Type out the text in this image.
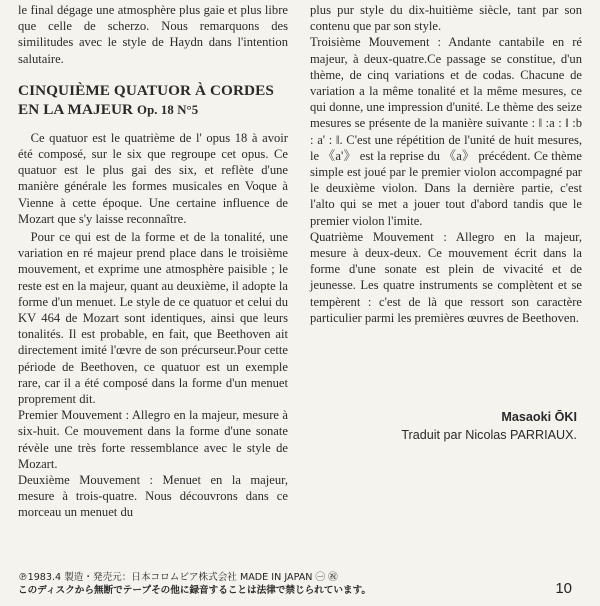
le final dégage une atmosphère plus gaie et plus libre que celle de scherzo. Nous remarquons des similitudes avec le style de Haydn dans l'intention salutaire.

CINQUIÈME QUATUOR À CORDES EN LA MAJEUR Op. 18 N°5

Ce quatuor est le quatrième de l' opus 18 à avoir été composé, sur le six que regroupe cet opus. Ce quatuor est le plus gai des six, et reflète d'une manière générale les formes musicales en Voque à Vienne à cette époque. Une certaine influence de Mozart que s'y laisse reconnaître.

Pour ce qui est de la forme et de la tonalité, une variation en ré majeur prend place dans le troisième mouvement, et exprime une atmosphère paisible ; le reste est en la majeur, quant au deuxième, il adopte la forme d'un menuet. Le style de ce quatuor et celui du KV 464 de Mozart sont identiques, ainsi que leurs tonalités. Il est probable, en fait, que Beethoven ait directement imité l'œvre de son précurseur.Pour cette période de Beethoven, ce quatuor est un exemple rare, car il a été composé dans la forme d'un menuet proprement dit.

Premier Mouvement : Allegro en la majeur, mesure à six-huit. Ce mouvement dans la forme d'une sonate révèle une très forte ressemblance avec le style de Mozart.

Deuxième Mouvement : Menuet en la majeur, mesure à trois-quatre. Nous découvrons dans ce morceau un menuet du

plus pur style du dix-huitième siècle, tant par son contenu que par son style.

Troisième Mouvement : Andante cantabile en ré majeur, à deux-quatre.Ce passage se constitue, d'un thème, de cinq variations et de codas. Chacune de variation a la même tonalité et la même mesures, ce qui donne, une impression d'unité. Le thème des seize mesures se présente de la manière suivante : ‖ :a : ‖ :b : a' : ‖. C'est une répétition de l'unité de huit mesures, le 《a'》 est la reprise du 《a》 précédent. Ce thème simple est joué par le premier violon accompagné par le deuxième violon. Dans la dernière partie, c'est l'alto qui se met a jouer tout d'abord tandis que le premier violon l'imite.

Quatrième Mouvement : Allegro en la majeur, mesure à deux-deux. Ce mouvement écrit dans la forme d'une sonate est plein de vivacité et de jeunesse. Les quatre instruments se complètent et se tempèrent : c'est de là que ressort son caractère particulier parmi les premières œuvres de Beethoven.

Masaoki ŌKI
Traduit par Nicolas PARRIAUX.
℗1983.4 製造・発売元：日本コロムビア株式会社 MADE IN JAPAN ㊀ ㊗
このディスクから無断でテープその他に録音することは法律で禁じられています。	10
